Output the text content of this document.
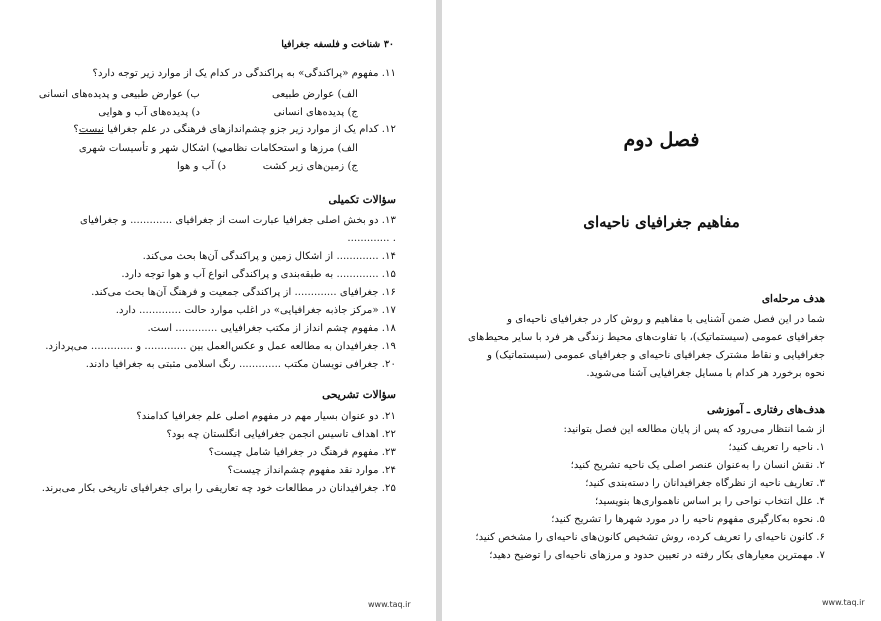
۳۰ شناخت و فلسفه جغرافیا
۱۱. مفهوم «پراکندگی» به پراکندگی در کدام یک از موارد زیر توجه دارد؟
الف) عوارض طبیعی
ب) عوارض طبیعی و پدیده‌های انسانی
ج) پدیده‌های انسانی
د) پدیده‌های آب و هوایی
۱۲. کدام یک از موارد زیر جزو چشم‌اندازهای فرهنگی در علم جغرافیا نیست؟
الف) مرزها و استحکامات نظامی
ب) اشکال شهر و تأسیسات شهری
ج) زمین‌های زیر کشت
د) آب و هوا
سؤالات تکمیلی
۱۳. دو بخش اصلی جغرافیا عبارت است از جغرافیای ............. و جغرافیای
............. .
۱۴. ............. از اشکال زمین و پراکندگی آن‌ها بحث می‌کند.
۱۵. ............. به طبقه‌بندی و پراکندگی انواع آب و هوا توجه دارد.
۱۶. جغرافیای ............. از پراکندگی جمعیت و فرهنگ آن‌ها بحث می‌کند.
۱۷. «مرکز جاذبه جغرافیایی» در اغلب موارد حالت ............. دارد.
۱۸. مفهوم چشم انداز از مکتب جغرافیایی ............. است.
۱۹. جغرافیدان به مطالعه عمل و عکس‌العمل بین ............. و ............. می‌پردازد.
۲۰. جغرافی نویسان مکتب ............. رنگ اسلامی مثبتی به جغرافیا دادند.
سؤالات تشریحی
۲۱. دو عنوان بسیار مهم در مفهوم اصلی علم جغرافیا کدامند؟
۲۲. اهداف تاسیس انجمن جغرافیایی انگلستان چه بود؟
۲۳. مفهوم فرهنگ در جغرافیا شامل چیست؟
۲۴. موارد نقد مفهوم چشم‌انداز چیست؟
۲۵. جغرافیدانان در مطالعات خود چه تعاریفی را برای جغرافیای تاریخی بکار می‌برند.
www.taq.ir
فصل دوم
مفاهیم جغرافیای ناحیه‌ای
هدف مرحله‌ای
شما در این فصل ضمن آشنایی با مفاهیم و روش کار در جغرافیای ناحیه‌ای و
جغرافیای عمومی (سیستماتیک)، با تفاوت‌های محیط زندگی هر فرد با سایر محیط‌های
جغرافیایی و نقاط مشترک جغرافیای ناحیه‌ای و جغرافیای عمومی (سیستماتیک) و
نحوه برخورد هر کدام با مسایل جغرافیایی آشنا می‌شوید.
هدف‌های رفتاری ـ آموزشی
از شما انتظار می‌رود که پس از پایان مطالعه این فصل بتوانید:
۱. ناحیه را تعریف کنید؛
۲. نقش انسان را به‌عنوان عنصر اصلی یک ناحیه تشریح کنید؛
۳. تعاریف ناحیه از نظرگاه جغرافیدانان را دسته‌بندی کنید؛
۴. علل انتخاب نواحی را بر اساس ناهمواری‌ها بنویسید؛
۵. نحوه به‌کارگیری مفهوم ناحیه را در مورد شهرها را تشریح کنید؛
۶. کانون ناحیه‌ای را تعریف کرده، روش تشخیص کانون‌های ناحیه‌ای را مشخص کنید؛
۷. مهمترین معیارهای بکار رفته در تعیین حدود و مرزهای ناحیه‌ای را توضیح دهید؛
www.taq.ir
